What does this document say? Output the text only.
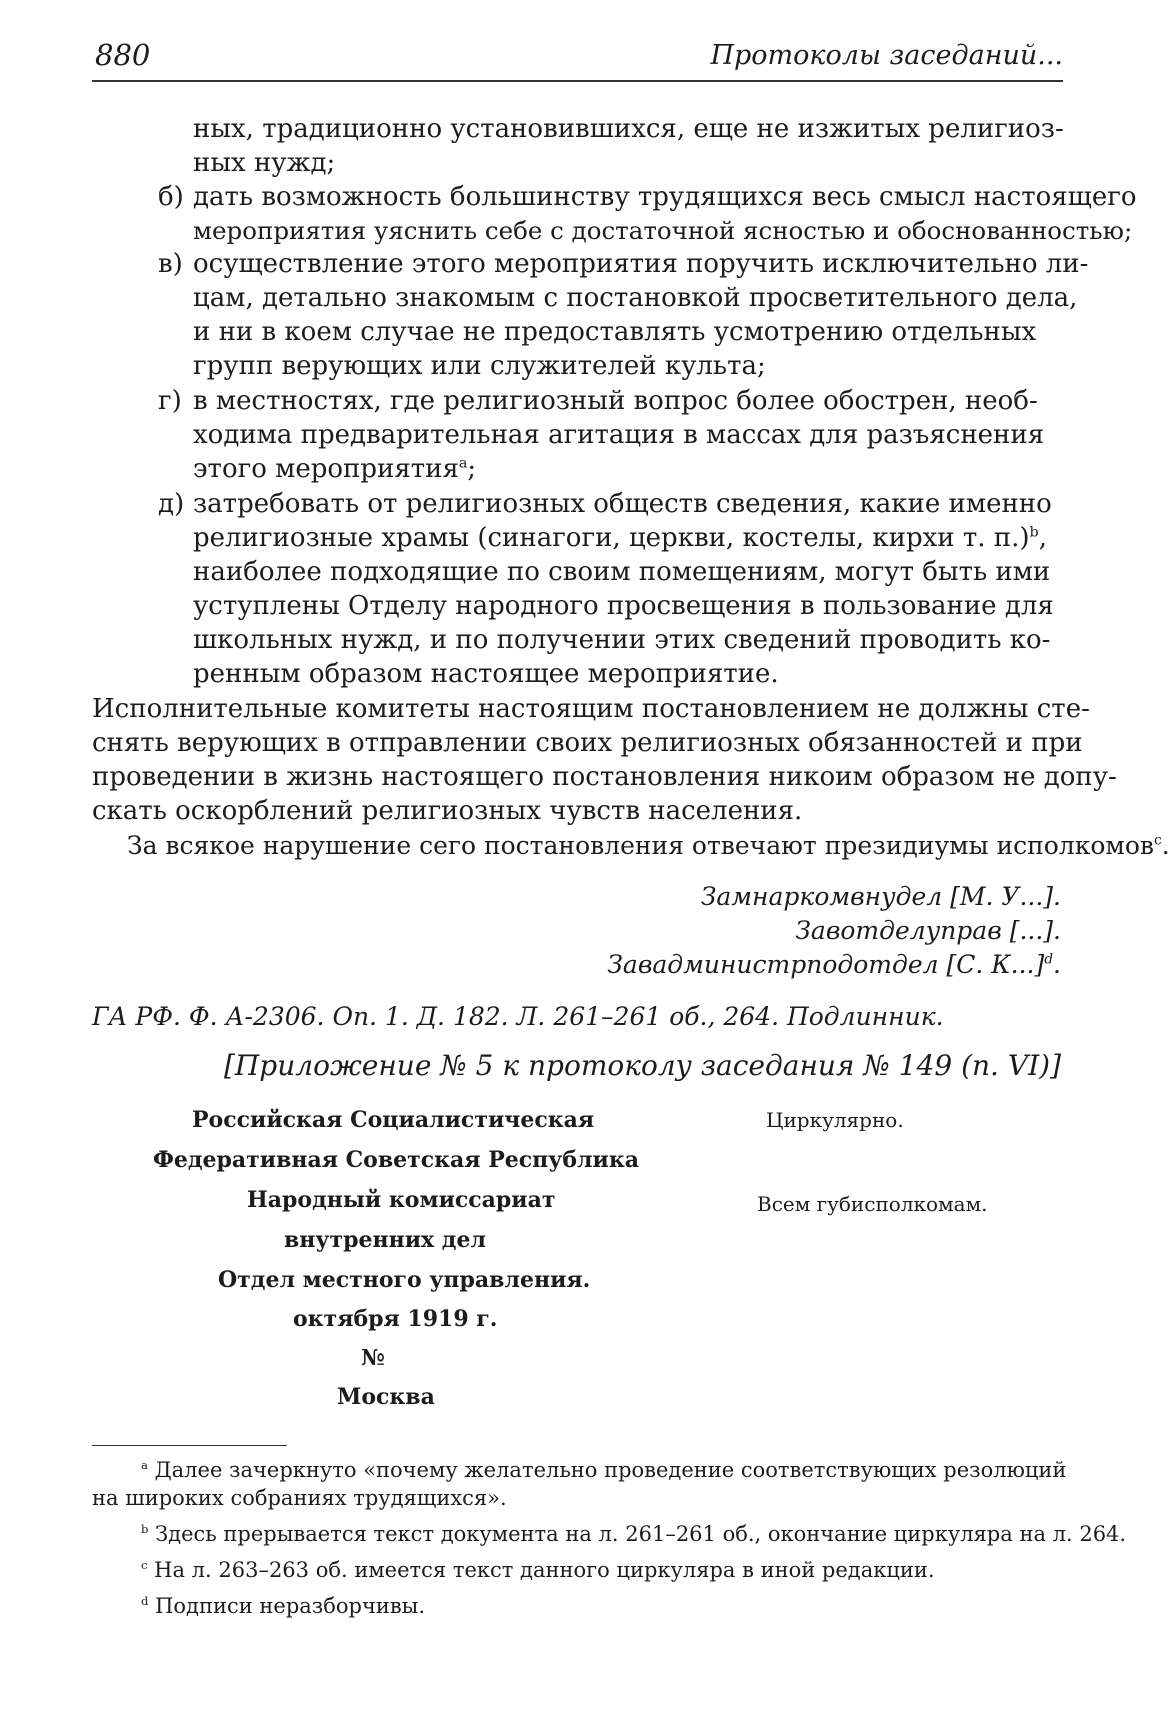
880	Протоколы заседаний...
ных, традиционно установившихся, еще не изжитых религиоз-
ных нужд;
б) дать возможность большинству трудящихся весь смысл настоящего
мероприятия уяснить себе с достаточной ясностью и обоснованностью;
в) осуществление этого мероприятия поручить исключительно ли-
цам, детально знакомым с постановкой просветительного дела,
и ни в коем случае не предоставлять усмотрению отдельных
групп верующих или служителей культа;
г) в местностях, где религиозный вопрос более обострен, необ-
ходима предварительная агитация в массах для разъяснения
этого мероприятия$^a$;
д) затребовать от религиозных обществ сведения, какие именно
религиозные храмы (синагоги, церкви, костелы, кирхи т. п.)$^b$,
наиболее подходящие по своим помещениям, могут быть ими
уступлены Отделу народного просвещения в пользование для
школьных нужд, и по получении этих сведений проводить ко-
ренным образом настоящее мероприятие.
Исполнительные комитеты настоящим постановлением не должны сте-
снять верующих в отправлении своих религиозных обязанностей и при
проведении в жизнь настоящего постановления никоим образом не допу-
скать оскорблений религиозных чувств населения.
За всякое нарушение сего постановления отвечают президиумы исполкомов$^c$.
Замнаркомвнудел [М. У...].
Завотделуправ [...].
Завадминистрподотдел [С. К...]$^d$.
ГА РФ. Ф. А-2306. Оп. 1. Д. 182. Л. 261–261 об., 264. Подлинник.
[Приложение № 5 к протоколу заседания № 149 (п. VI)]
Российская Социалистическая
Федеративная Советская Республика
Народный комиссариат
внутренних дел
Отдел местного управления.
октября 1919 г.
№
Москва
Циркулярно.
Всем губисполкомам.
$^a$ Далее зачеркнуто «почему желательно проведение соответствующих резолюций
на широких собраниях трудящихся».
$^b$ Здесь прерывается текст документа на л. 261–261 об., окончание циркуляра на л. 264.
$^c$ На л. 263–263 об. имеется текст данного циркуляра в иной редакции.
$^d$ Подписи неразборчивы.
